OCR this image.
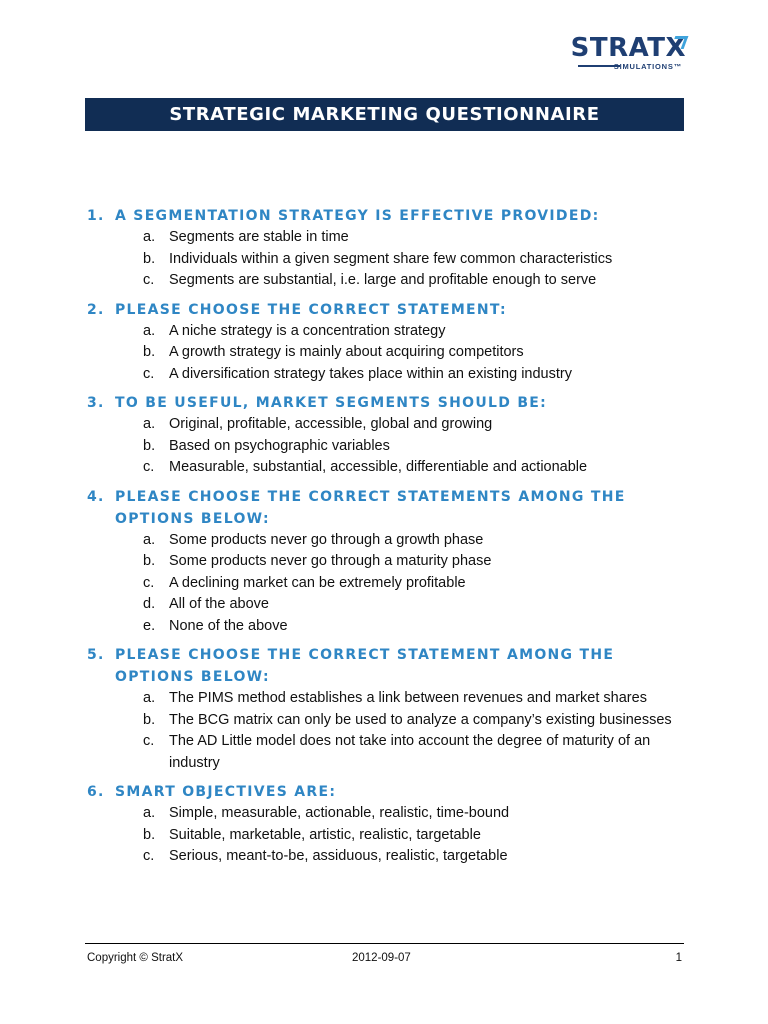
STRATX
SIMULATIONS™
STRATEGIC MARKETING QUESTIONNAIRE
1. A SEGMENTATION STRATEGY IS EFFECTIVE PROVIDED:
a. Segments are stable in time
b. Individuals within a given segment share few common characteristics
c.	Segments are substantial, i.e. large and profitable enough to serve
2. PLEASE CHOOSE THE CORRECT STATEMENT:
a. A niche strategy is a concentration strategy
b. A growth strategy is mainly about acquiring competitors
c.	A diversification strategy takes place within an existing industry
3. TO BE USEFUL, MARKET SEGMENTS SHOULD BE:
a. Original, profitable, accessible, global and growing
b. Based on psychographic variables
c.	Measurable, substantial, accessible, differentiable and actionable
4. PLEASE CHOOSE THE CORRECT STATEMENTS AMONG THE OPTIONS BELOW:
a. Some products never go through a growth phase
b. Some products never go through a maturity phase
c.	A declining market can be extremely profitable
d. All of the above
e. None of the above
5. PLEASE CHOOSE THE CORRECT STATEMENT AMONG THE OPTIONS BELOW:
a. The PIMS method establishes a link between revenues and market shares
b. The BCG matrix can only be used to analyze a company’s existing businesses
c.	The AD Little model does not take into account the degree of maturity of an industry
6. SMART OBJECTIVES ARE:
a. Simple, measurable, actionable, realistic, time-bound
b. Suitable, marketable, artistic, realistic, targetable
c.	Serious, meant-to-be, assiduous, realistic, targetable
Copyright © StratX	2012-09-07	1
